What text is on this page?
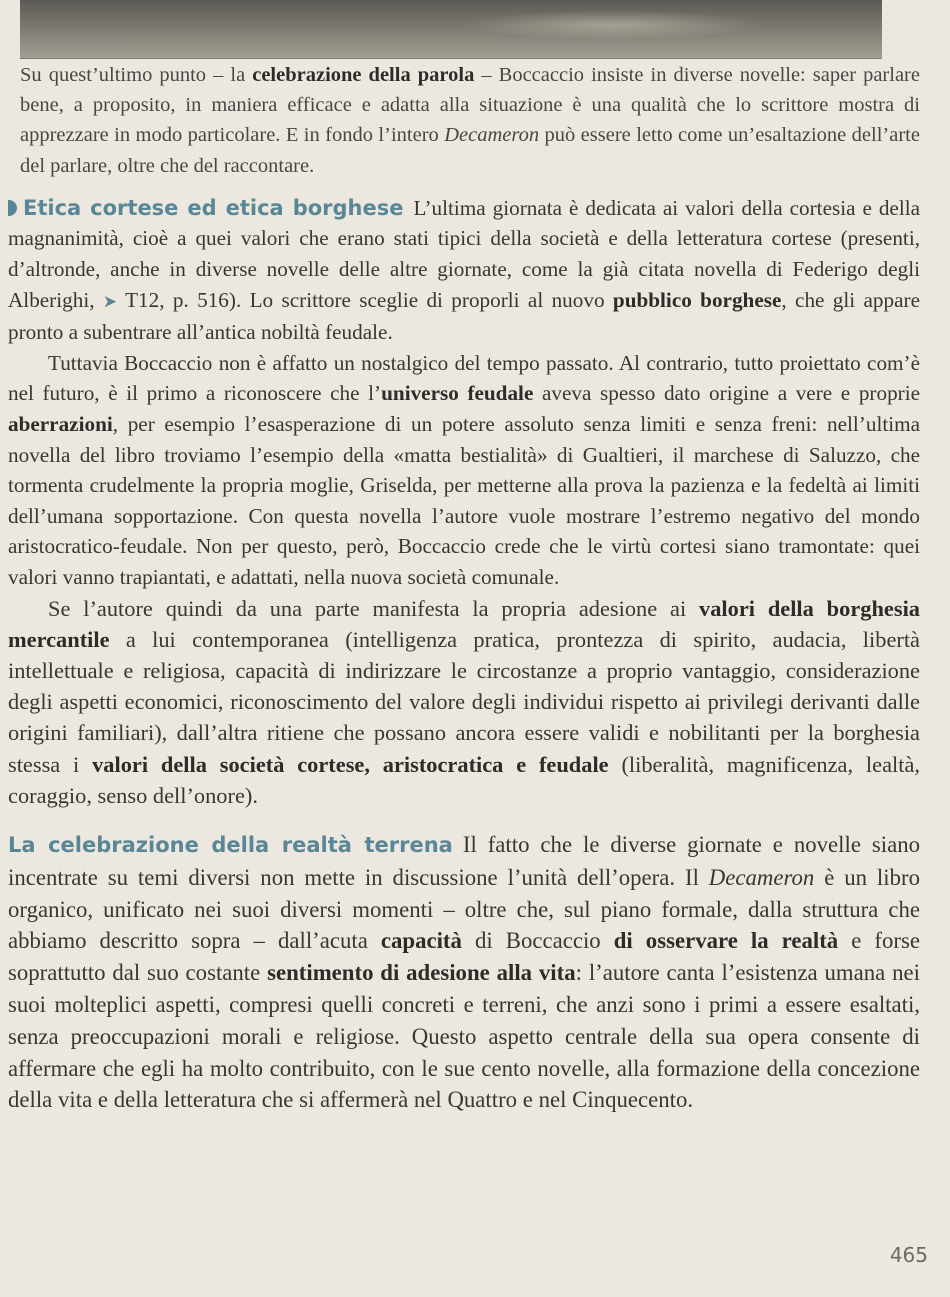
Su quest’ultimo punto – la celebrazione della parola – Boccaccio insiste in diverse novelle: saper parlare bene, a proposito, in maniera efficace e adatta alla situazione è una qualità che lo scrittore mostra di apprezzare in modo particolare. E in fondo l’intero Decameron può essere letto come un’esaltazione dell’arte del parlare, oltre che del raccontare.

Etica cortese ed etica borghese L’ultima giornata è dedicata ai valori della cortesia e della magnanimità, cioè a quei valori che erano stati tipici della società e della letteratura cortese (presenti, d’altronde, anche in diverse novelle delle altre giornate, come la già citata novella di Federigo degli Alberighi, ➤ T12, p. 516). Lo scrittore sceglie di proporli al nuovo pubblico borghese, che gli appare pronto a subentrare all’antica nobiltà feudale.

Tuttavia Boccaccio non è affatto un nostalgico del tempo passato. Al contrario, tutto proiettato com’è nel futuro, è il primo a riconoscere che l’universo feudale aveva spesso dato origine a vere e proprie aberrazioni, per esempio l’esasperazione di un potere assoluto senza limiti e senza freni: nell’ultima novella del libro troviamo l’esempio della «matta bestialità» di Gualtieri, il marchese di Saluzzo, che tormenta crudelmente la propria moglie, Griselda, per metterne alla prova la pazienza e la fedeltà ai limiti dell’umana sopportazione. Con questa novella l’autore vuole mostrare l’estremo negativo del mondo aristocratico-feudale. Non per questo, però, Boccaccio crede che le virtù cortesi siano tramontate: quei valori vanno trapiantati, e adattati, nella nuova società comunale.

Se l’autore quindi da una parte manifesta la propria adesione ai valori della borghesia mercantile a lui contemporanea (intelligenza pratica, prontezza di spirito, audacia, libertà intellettuale e religiosa, capacità di indirizzare le circostanze a proprio vantaggio, considerazione degli aspetti economici, riconoscimento del valore degli individui rispetto ai privilegi derivanti dalle origini familiari), dall’altra ritiene che possano ancora essere validi e nobilitanti per la borghesia stessa i valori della società cortese, aristocratica e feudale (liberalità, magnificenza, lealtà, coraggio, senso dell’onore).

La celebrazione della realtà terrena Il fatto che le diverse giornate e novelle siano incentrate su temi diversi non mette in discussione l’unità dell’opera. Il Decameron è un libro organico, unificato nei suoi diversi momenti – oltre che, sul piano formale, dalla struttura che abbiamo descritto sopra – dall’acuta capacità di Boccaccio di osservare la realtà e forse soprattutto dal suo costante sentimento di adesione alla vita: l’autore canta l’esistenza umana nei suoi molteplici aspetti, compresi quelli concreti e terreni, che anzi sono i primi a essere esaltati, senza preoccupazioni morali e religiose. Questo aspetto centrale della sua opera consente di affermare che egli ha molto contribuito, con le sue cento novelle, alla formazione della concezione della vita e della letteratura che si affermerà nel Quattro e nel Cinquecento.

465
